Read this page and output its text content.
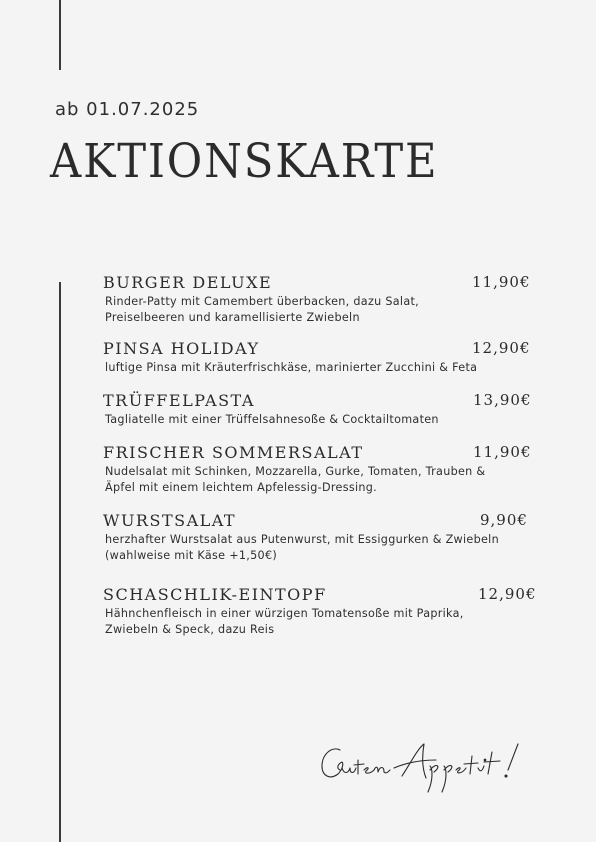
ab 01.07.2025
AKTIONSKARTE
BURGER DELUXE	11,90€
Rinder-Patty mit Camembert überbacken, dazu Salat,
Preiselbeeren und karamellisierte Zwiebeln
PINSA HOLIDAY	12,90€
luftige Pinsa mit Kräuterfrischkäse, marinierter Zucchini & Feta
TRÜFFELPASTA	13,90€
Tagliatelle mit einer Trüffelsahnesoße & Cocktailtomaten
FRISCHER SOMMERSALAT	11,90€
Nudelsalat mit Schinken, Mozzarella, Gurke, Tomaten, Trauben &
Äpfel mit einem leichtem Apfelessig-Dressing.
WURSTSALAT	9,90€
herzhafter Wurstsalat aus Putenwurst, mit Essiggurken & Zwiebeln
(wahlweise mit Käse +1,50€)
SCHASCHLIK-EINTOPF	12,90€
Hähnchenfleisch in einer würzigen Tomatensoße mit Paprika,
Zwiebeln & Speck, dazu Reis
